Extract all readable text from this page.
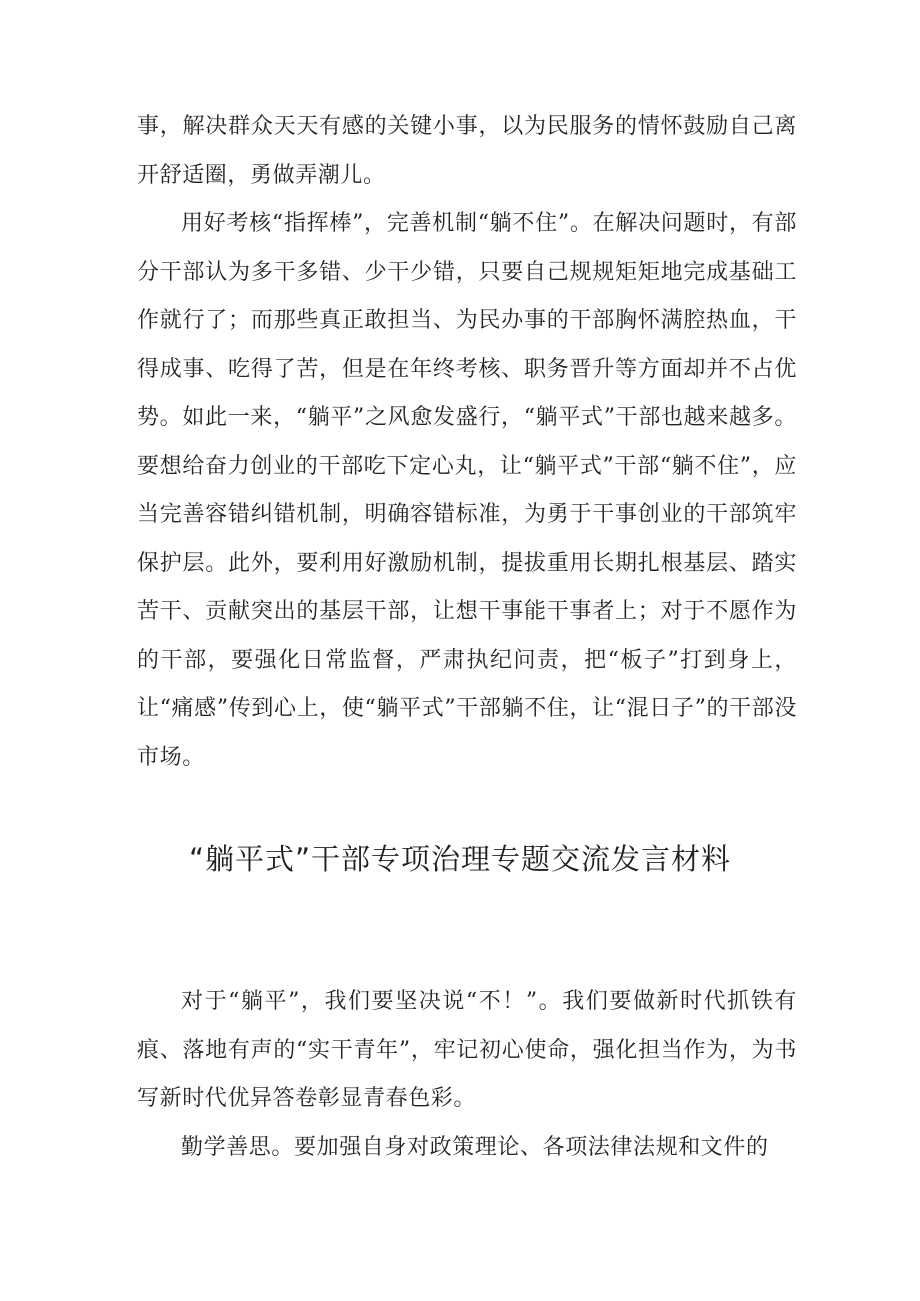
事，解决群众天天有感的关键小事，以为民服务的情怀鼓励自己离开舒适圈，勇做弄潮儿。

用好考核“指挥棒”，完善机制“躺不住”。在解决问题时，有部分干部认为多干多错、少干少错，只要自己规规矩矩地完成基础工作就行了；而那些真正敢担当、为民办事的干部胸怀满腔热血，干得成事、吃得了苦，但是在年终考核、职务晋升等方面却并不占优势。如此一来，“躺平”之风愈发盛行，“躺平式”干部也越来越多。要想给奋力创业的干部吃下定心丸，让“躺平式”干部“躺不住”，应当完善容错纠错机制，明确容错标准，为勇于干事创业的干部筑牢保护层。此外，要利用好激励机制，提拔重用长期扎根基层、踏实苦干、贡献突出的基层干部，让想干事能干事者上；对于不愿作为的干部，要强化日常监督，严肃执纪问责，把“板子”打到身上，让“痛感”传到心上，使“躺平式”干部躺不住，让“混日子”的干部没市场。

“躺平式”干部专项治理专题交流发言材料

对于“躺平”，我们要坚决说“不！”。我们要做新时代抓铁有痕、落地有声的“实干青年”，牢记初心使命，强化担当作为，为书写新时代优异答卷彰显青春色彩。

勤学善思。要加强自身对政策理论、各项法律法规和文件的
